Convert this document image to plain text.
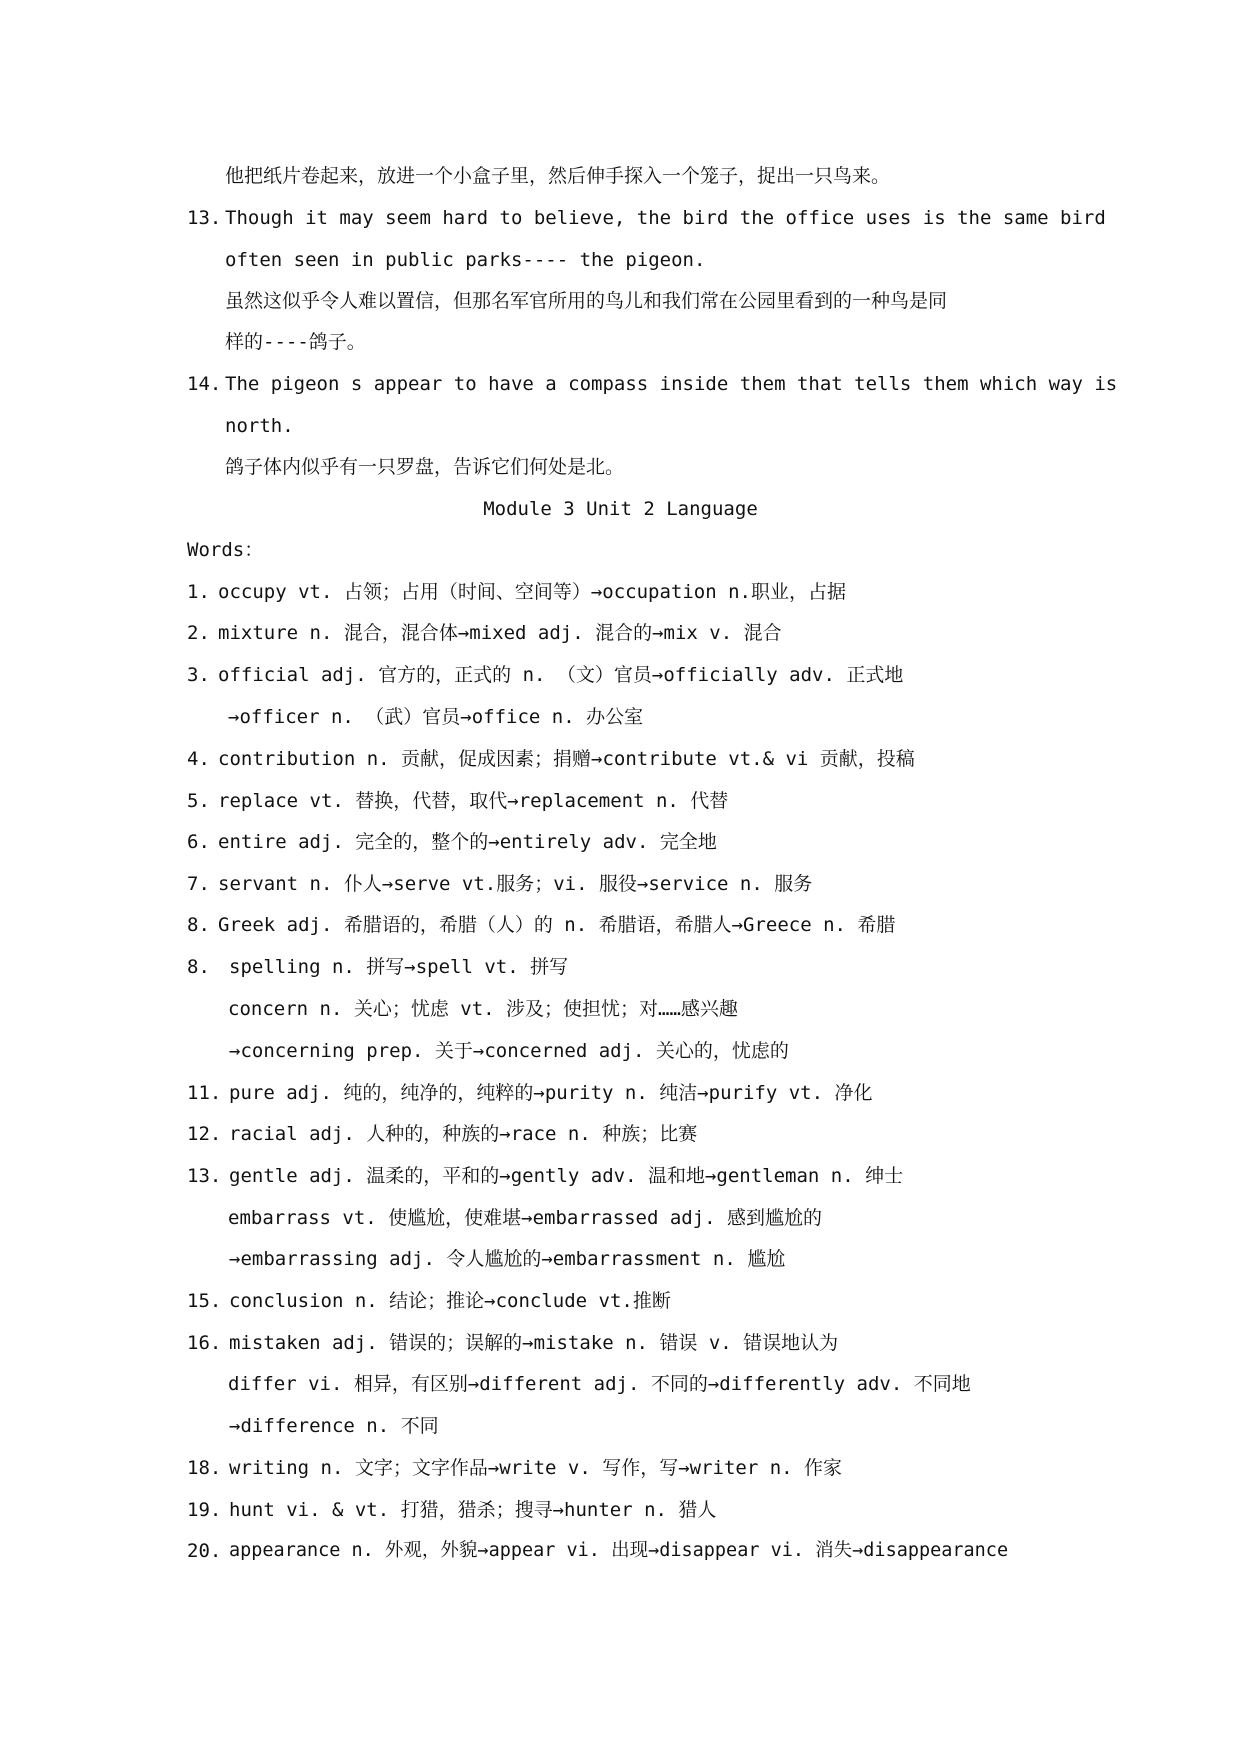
他把纸片卷起来，放进一个小盒子里，然后伸手探入一个笼子，捉出一只鸟来。
13. Though it may seem hard to believe, the bird the office uses is the same bird
often seen in public parks---- the pigeon.
虽然这似乎令人难以置信，但那名军官所用的鸟儿和我们常在公园里看到的一种鸟是同
样的----鸽子。
14. The pigeon s appear to have a compass inside them that tells them which way is
north.
鸽子体内似乎有一只罗盘，告诉它们何处是北。
Module 3 Unit 2 Language
Words：
1. occupy vt. 占领；占用（时间、空间等）→occupation n.职业，占据
2. mixture n. 混合，混合体→mixed adj. 混合的→mix v. 混合
3. official adj. 官方的，正式的 n. （文）官员→officially adv. 正式地
→officer n. （武）官员→office n. 办公室
4. contribution n. 贡献，促成因素；捐赠→contribute vt.& vi 贡献，投稿
5. replace vt. 替换，代替，取代→replacement n. 代替
6. entire adj. 完全的，整个的→entirely adv. 完全地
7. servant n. 仆人→serve vt.服务；vi. 服役→service n. 服务
8. Greek adj. 希腊语的，希腊（人）的 n. 希腊语，希腊人→Greece n. 希腊
8. spelling n. 拼写→spell vt. 拼写
concern n. 关心；忧虑 vt. 涉及；使担忧；对……感兴趣
→concerning prep. 关于→concerned adj. 关心的，忧虑的
11. pure adj. 纯的，纯净的，纯粹的→purity n. 纯洁→purify vt. 净化
12. racial adj. 人种的，种族的→race n. 种族；比赛
13. gentle adj. 温柔的，平和的→gently adv. 温和地→gentleman n. 绅士
embarrass vt. 使尴尬，使难堪→embarrassed adj. 感到尴尬的
→embarrassing adj. 令人尴尬的→embarrassment n. 尴尬
15. conclusion n. 结论；推论→conclude vt.推断
16. mistaken adj. 错误的；误解的→mistake n. 错误 v. 错误地认为
differ vi. 相异，有区别→different adj. 不同的→differently adv. 不同地
→difference n. 不同
18. writing n. 文字；文字作品→write v. 写作，写→writer n. 作家
19. hunt vi. & vt. 打猎，猎杀；搜寻→hunter n. 猎人
20. appearance n. 外观，外貌→appear vi. 出现→disappear vi. 消失→disappearance
